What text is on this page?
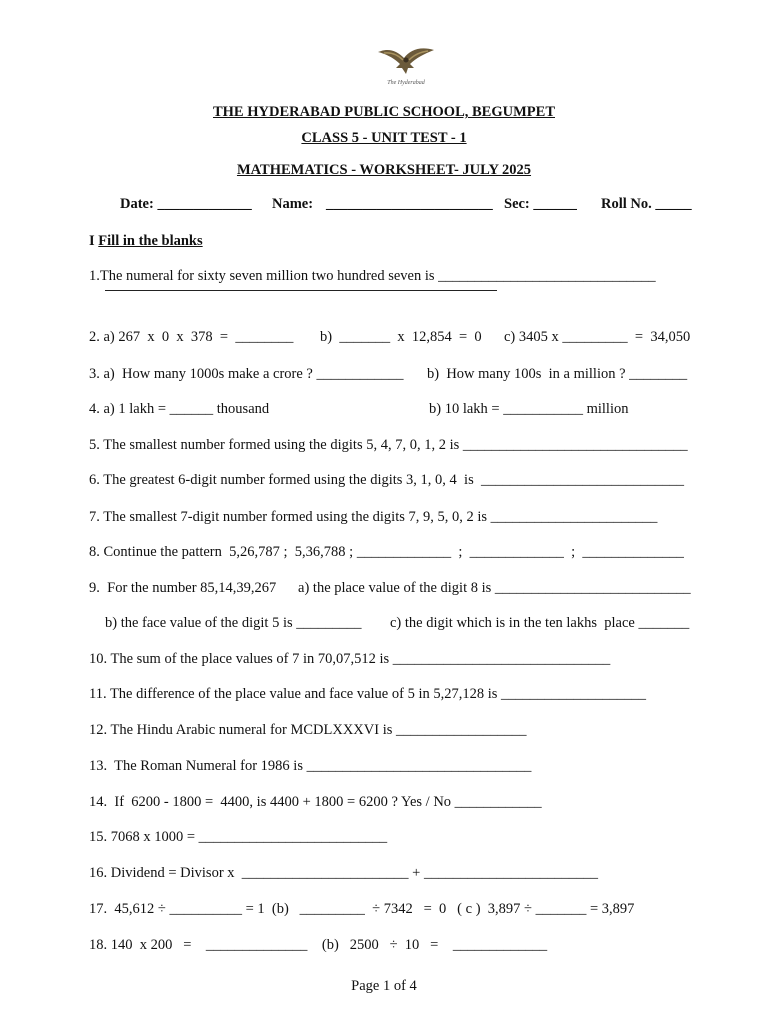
The Hyderabad
THE HYDERABAD PUBLIC SCHOOL, BEGUMPET
CLASS 5 - UNIT TEST - 1
MATHEMATICS - WORKSHEET- JULY 2025
Date: _____________ Name: _______________________ Sec: ______ Roll No. _____
I Fill in the blanks
1.The numeral for sixty seven million two hundred seven is ______________________________
2. a) 267  x  0  x  378  =  ________ b)  _______  x  12,854  =  0 c) 3405 x _________  =  34,050
3. a)  How many 1000s make a crore ? ____________ b)  How many 100s  in a million ? ________
4. a) 1 lakh = ______ thousand	b) 10 lakh = ___________ million
5. The smallest number formed using the digits 5, 4, 7, 0, 1, 2 is _______________________________
6. The greatest 6-digit number formed using the digits 3, 1, 0, 4  is  ____________________________
7. The smallest 7-digit number formed using the digits 7, 9, 5, 0, 2 is _______________________
8. Continue the pattern  5,26,787 ;  5,36,788 ; _____________  ;  _____________  ;  ______________
9.  For the number 85,14,39,267      a) the place value of the digit 8 is ___________________________
b) the face value of the digit 5 is _________ c) the digit which is in the ten lakhs  place _______
10. The sum of the place values of 7 in 70,07,512 is ______________________________
11. The difference of the place value and face value of 5 in 5,27,128 is ____________________
12. The Hindu Arabic numeral for MCDLXXXVI is __________________
13.  The Roman Numeral for 1986 is _______________________________
14.  If  6200 - 1800 =  4400, is 4400 + 1800 = 6200 ? Yes / No ____________
15. 7068 x 1000 = __________________________
16. Dividend = Divisor x  _______________________ + ________________________
17.  45,612 ÷ __________ = 1  (b)   _________  ÷ 7342   =  0   ( c )  3,897 ÷ _______ = 3,897
18. 140  x 200   =    ______________    (b)   2500   ÷  10   =    _____________
Page 1 of 4
